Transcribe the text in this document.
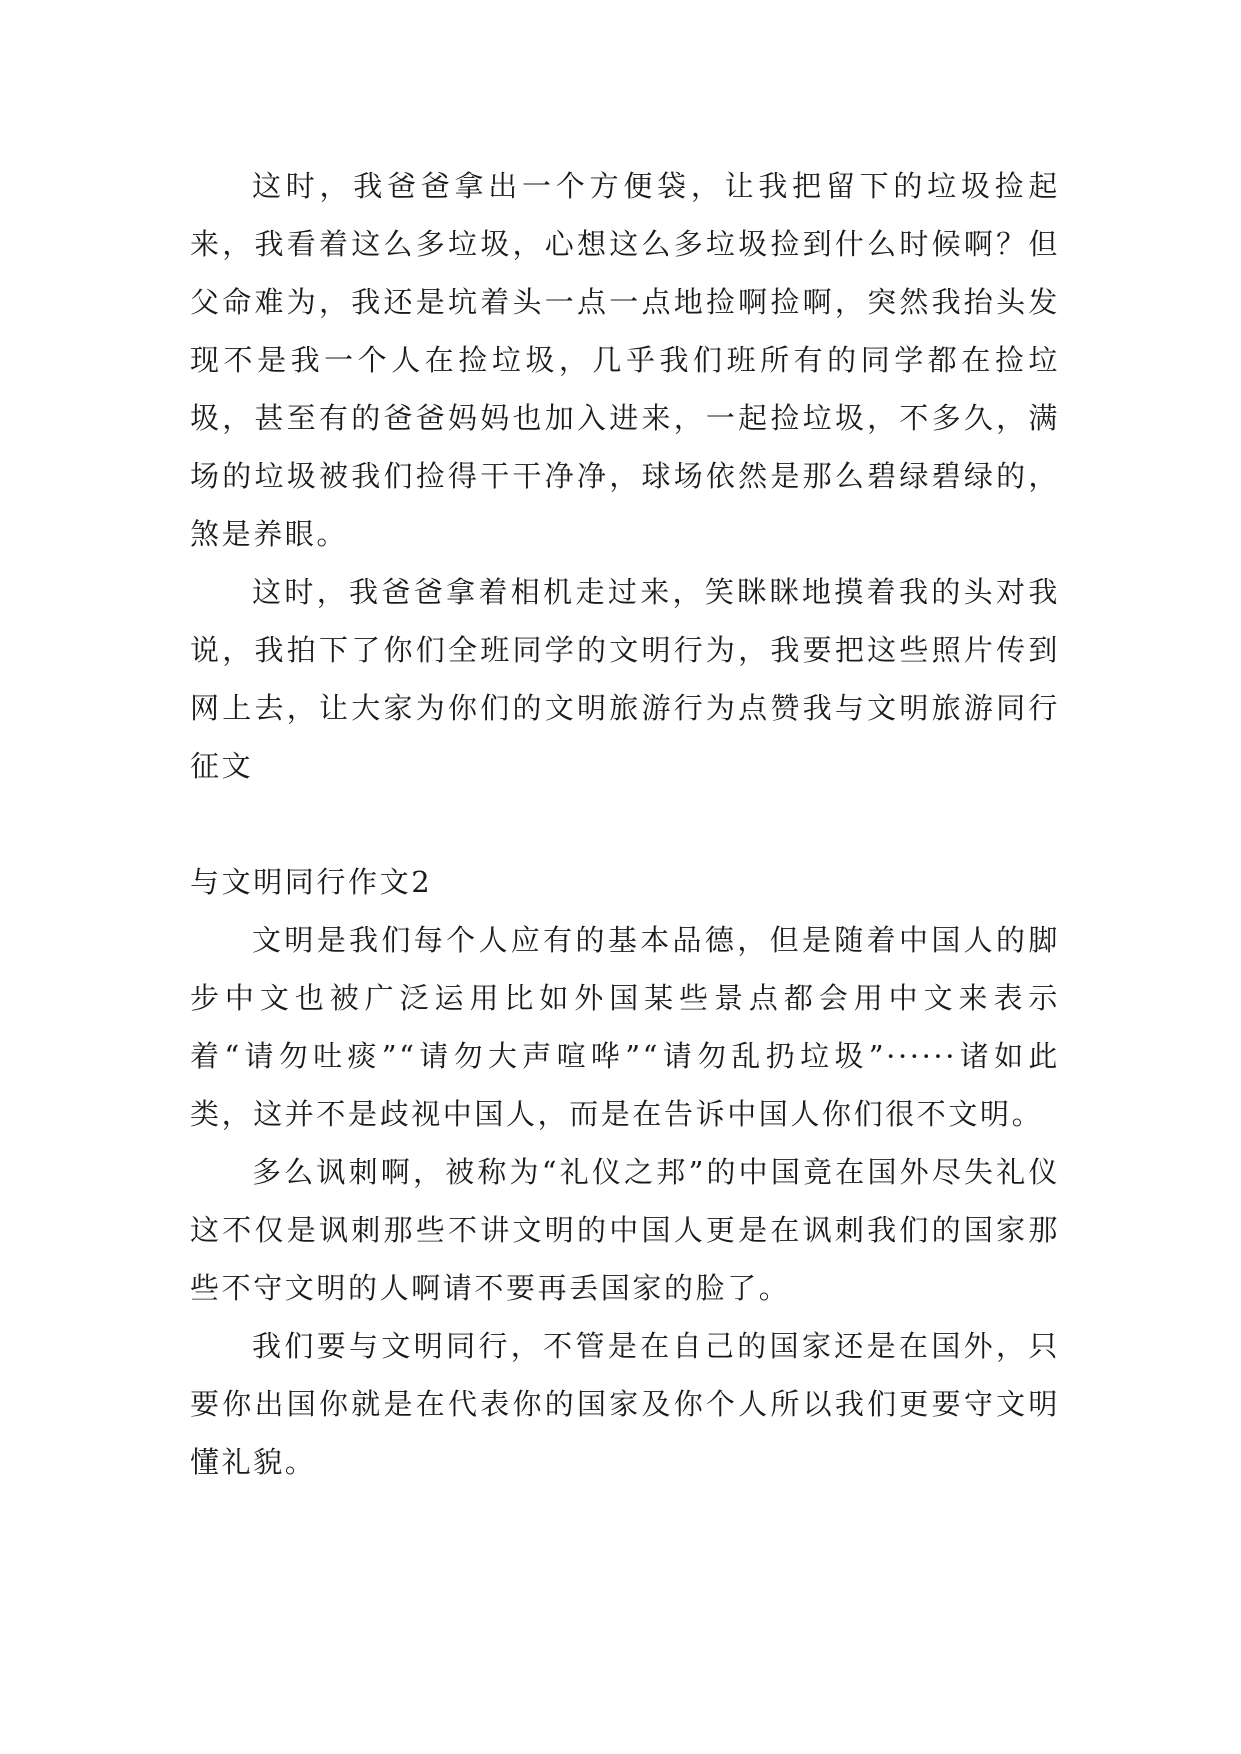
这时，我爸爸拿出一个方便袋，让我把留下的垃圾捡起来，我看着这么多垃圾，心想这么多垃圾捡到什么时候啊？但父命难为，我还是坑着头一点一点地捡啊捡啊，突然我抬头发现不是我一个人在捡垃圾，几乎我们班所有的同学都在捡垃圾，甚至有的爸爸妈妈也加入进来，一起捡垃圾，不多久，满场的垃圾被我们捡得干干净净，球场依然是那么碧绿碧绿的，煞是养眼。

这时，我爸爸拿着相机走过来，笑眯眯地摸着我的头对我说，我拍下了你们全班同学的文明行为，我要把这些照片传到网上去，让大家为你们的文明旅游行为点赞我与文明旅游同行征文

与文明同行作文2

文明是我们每个人应有的基本品德，但是随着中国人的脚步中文也被广泛运用比如外国某些景点都会用中文来表示着“请勿吐痰”“请勿大声喧哗”“请勿乱扔垃圾”······诸如此类，这并不是歧视中国人，而是在告诉中国人你们很不文明。

多么讽刺啊，被称为“礼仪之邦”的中国竟在国外尽失礼仪这不仅是讽刺那些不讲文明的中国人更是在讽刺我们的国家那些不守文明的人啊请不要再丢国家的脸了。

我们要与文明同行，不管是在自己的国家还是在国外，只要你出国你就是在代表你的国家及你个人所以我们更要守文明懂礼貌。
